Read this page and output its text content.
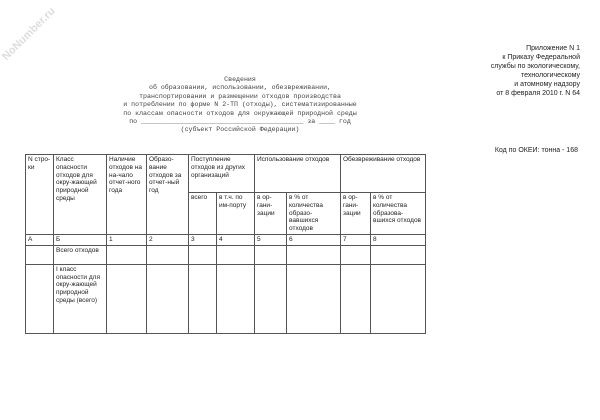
NoNumber.ru	Приложение N 1
к Приказу Федеральной
службы по экологическому,
технологическому
и атомному надзору
от 8 февраля 2010 г. N 64
Сведения
об образовании, использовании, обезвреживании,
транспортировании и размещении отходов производства
и потреблении по форме N 2-ТП (отходы), систематизированные
по классам опасности отходов для окружающей природной среды
по _________________________________________ за ____ год
(субъект Российской Федерации)
Код по ОКЕИ: тонна - 168
N стро-ки	Класс опасности отходов для окру-жающей природной среды	Наличие отходов на на-чало отчет-ного года	Образо-вание отходов за отчет-ный год	Поступление отходов из других организаций		Использование отходов		Обезвреживание отходов	
				всего	в т.ч. по им-порту	в ор-гани-зации	в % от количества образо-вавшихся отходов	в ор-гани-зации	в % от количества образова-вшихся отходов
А	Б	1	2	3	4	5	6	7	8
	Всего отходов								
	I класс опасности для окру-жающей природной среды (всего)								
